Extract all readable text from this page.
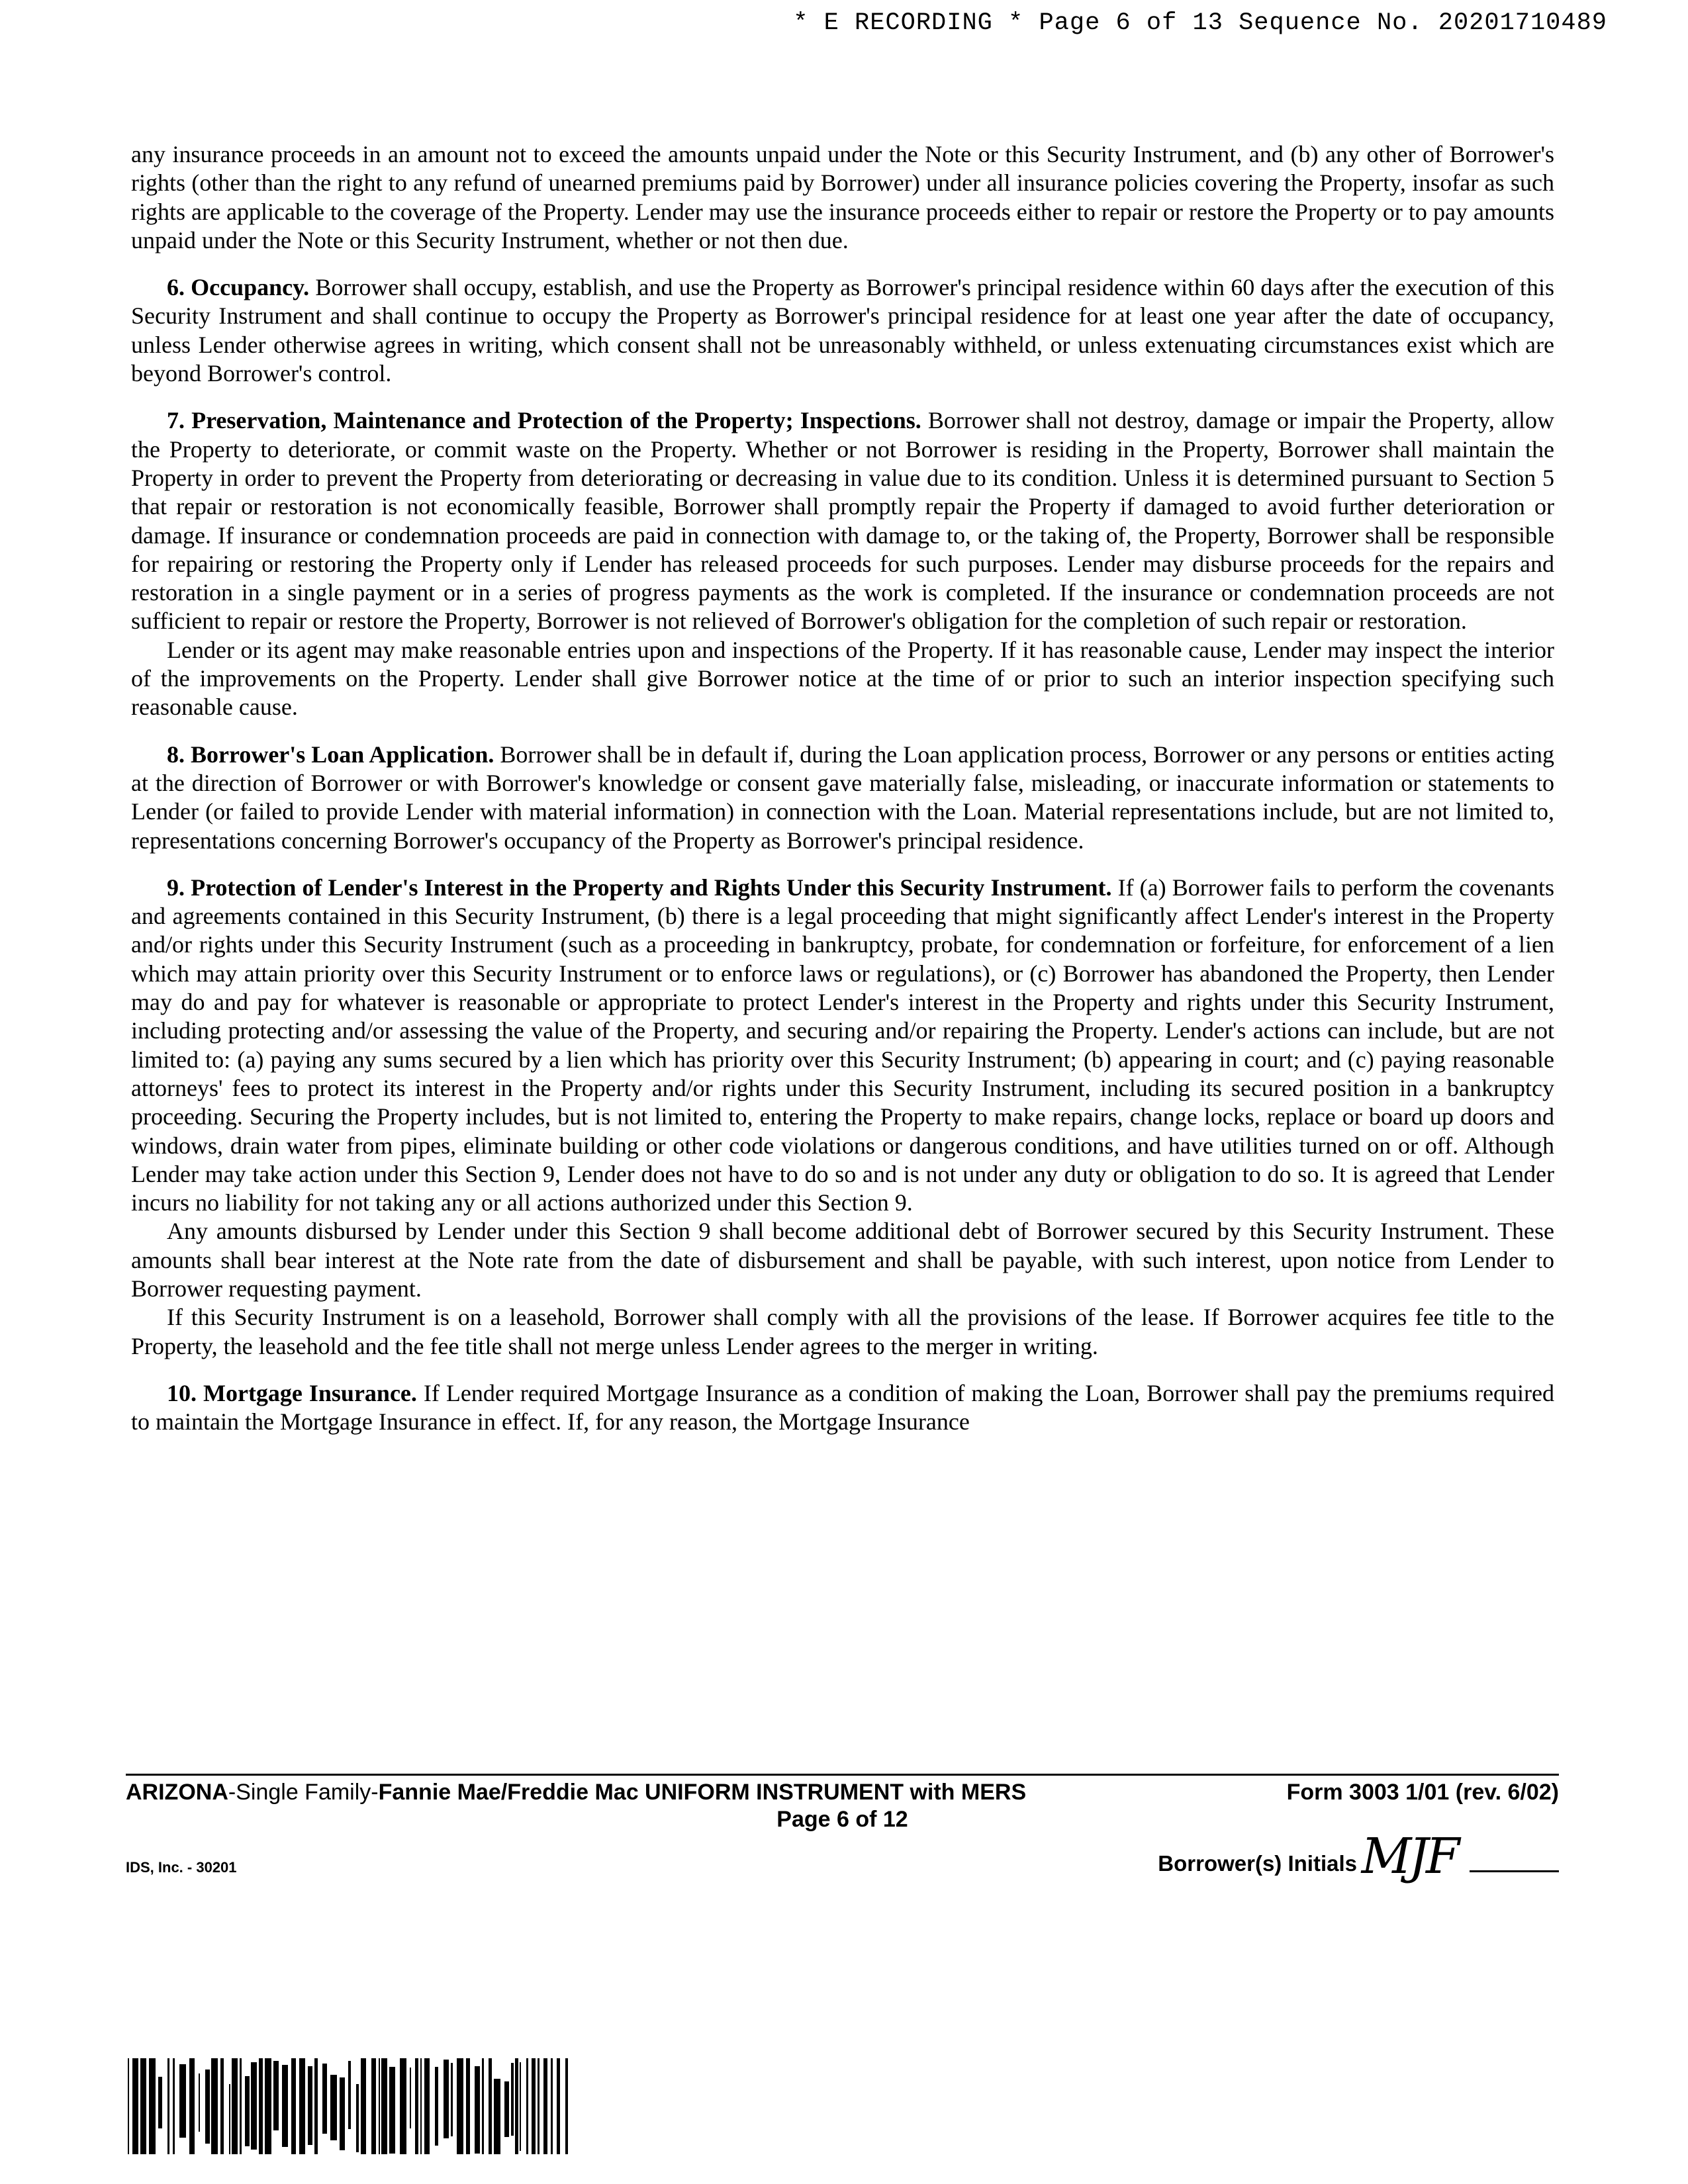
* E RECORDING * Page 6 of 13 Sequence No. 20201710489

any insurance proceeds in an amount not to exceed the amounts unpaid under the Note or this Security Instrument, and (b) any other of Borrower's rights (other than the right to any refund of unearned premiums paid by Borrower) under all insurance policies covering the Property, insofar as such rights are applicable to the coverage of the Property. Lender may use the insurance proceeds either to repair or restore the Property or to pay amounts unpaid under the Note or this Security Instrument, whether or not then due.

6. Occupancy. Borrower shall occupy, establish, and use the Property as Borrower's principal residence within 60 days after the execution of this Security Instrument and shall continue to occupy the Property as Borrower's principal residence for at least one year after the date of occupancy, unless Lender otherwise agrees in writing, which consent shall not be unreasonably withheld, or unless extenuating circumstances exist which are beyond Borrower's control.

7. Preservation, Maintenance and Protection of the Property; Inspections. Borrower shall not destroy, damage or impair the Property, allow the Property to deteriorate, or commit waste on the Property. Whether or not Borrower is residing in the Property, Borrower shall maintain the Property in order to prevent the Property from deteriorating or decreasing in value due to its condition. Unless it is determined pursuant to Section 5 that repair or restoration is not economically feasible, Borrower shall promptly repair the Property if damaged to avoid further deterioration or damage. If insurance or condemnation proceeds are paid in connection with damage to, or the taking of, the Property, Borrower shall be responsible for repairing or restoring the Property only if Lender has released proceeds for such purposes. Lender may disburse proceeds for the repairs and restoration in a single payment or in a series of progress payments as the work is completed. If the insurance or condemnation proceeds are not sufficient to repair or restore the Property, Borrower is not relieved of Borrower's obligation for the completion of such repair or restoration.

Lender or its agent may make reasonable entries upon and inspections of the Property. If it has reasonable cause, Lender may inspect the interior of the improvements on the Property. Lender shall give Borrower notice at the time of or prior to such an interior inspection specifying such reasonable cause.

8. Borrower's Loan Application. Borrower shall be in default if, during the Loan application process, Borrower or any persons or entities acting at the direction of Borrower or with Borrower's knowledge or consent gave materially false, misleading, or inaccurate information or statements to Lender (or failed to provide Lender with material information) in connection with the Loan. Material representations include, but are not limited to, representations concerning Borrower's occupancy of the Property as Borrower's principal residence.

9. Protection of Lender's Interest in the Property and Rights Under this Security Instrument. If (a) Borrower fails to perform the covenants and agreements contained in this Security Instrument, (b) there is a legal proceeding that might significantly affect Lender's interest in the Property and/or rights under this Security Instrument (such as a proceeding in bankruptcy, probate, for condemnation or forfeiture, for enforcement of a lien which may attain priority over this Security Instrument or to enforce laws or regulations), or (c) Borrower has abandoned the Property, then Lender may do and pay for whatever is reasonable or appropriate to protect Lender's interest in the Property and rights under this Security Instrument, including protecting and/or assessing the value of the Property, and securing and/or repairing the Property. Lender's actions can include, but are not limited to: (a) paying any sums secured by a lien which has priority over this Security Instrument; (b) appearing in court; and (c) paying reasonable attorneys' fees to protect its interest in the Property and/or rights under this Security Instrument, including its secured position in a bankruptcy proceeding. Securing the Property includes, but is not limited to, entering the Property to make repairs, change locks, replace or board up doors and windows, drain water from pipes, eliminate building or other code violations or dangerous conditions, and have utilities turned on or off. Although Lender may take action under this Section 9, Lender does not have to do so and is not under any duty or obligation to do so. It is agreed that Lender incurs no liability for not taking any or all actions authorized under this Section 9.

Any amounts disbursed by Lender under this Section 9 shall become additional debt of Borrower secured by this Security Instrument. These amounts shall bear interest at the Note rate from the date of disbursement and shall be payable, with such interest, upon notice from Lender to Borrower requesting payment.

If this Security Instrument is on a leasehold, Borrower shall comply with all the provisions of the lease. If Borrower acquires fee title to the Property, the leasehold and the fee title shall not merge unless Lender agrees to the merger in writing.

10. Mortgage Insurance. If Lender required Mortgage Insurance as a condition of making the Loan, Borrower shall pay the premiums required to maintain the Mortgage Insurance in effect. If, for any reason, the Mortgage Insurance

ARIZONA-Single Family-Fannie Mae/Freddie Mac UNIFORM INSTRUMENT with MERS	Form 3003 1/01 (rev. 6/02)
Page 6 of 12
IDS, Inc. - 30201	Borrower(s) Initials MJF
